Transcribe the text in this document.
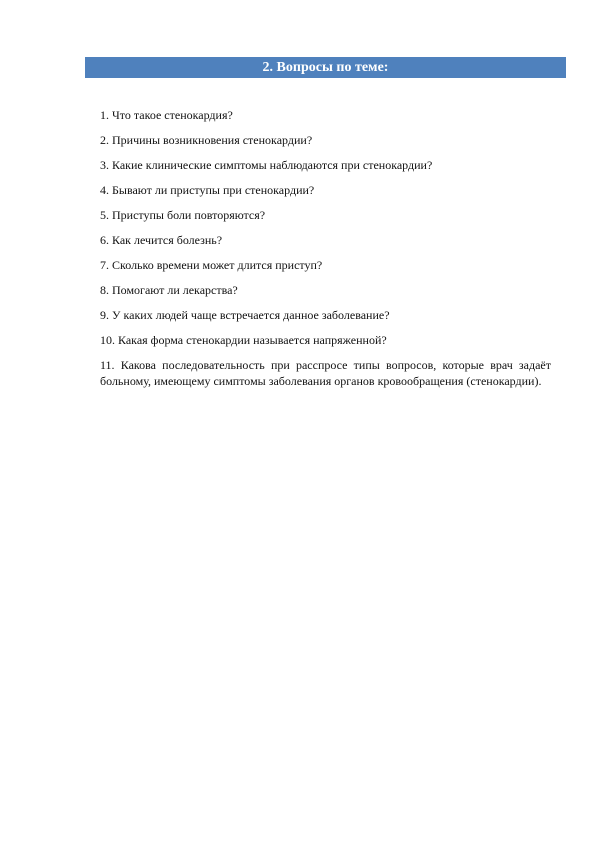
2. Вопросы по теме:
1. Что такое стенокардия?
2. Причины возникновения стенокардии?
3. Какие клинические симптомы наблюдаются при стенокардии?
4. Бывают ли приступы при стенокардии?
5. Приступы боли повторяются?
6. Как лечится болезнь?
7. Сколько времени может длится приступ?
8. Помогают ли лекарства?
9. У каких людей чаще встречается данное заболевание?
10. Какая форма стенокардии называется напряженной?
11. Какова последовательность при расспросе типы вопросов, которые врач задаёт больному, имеющему симптомы заболевания органов кровообращения (стенокардии).
